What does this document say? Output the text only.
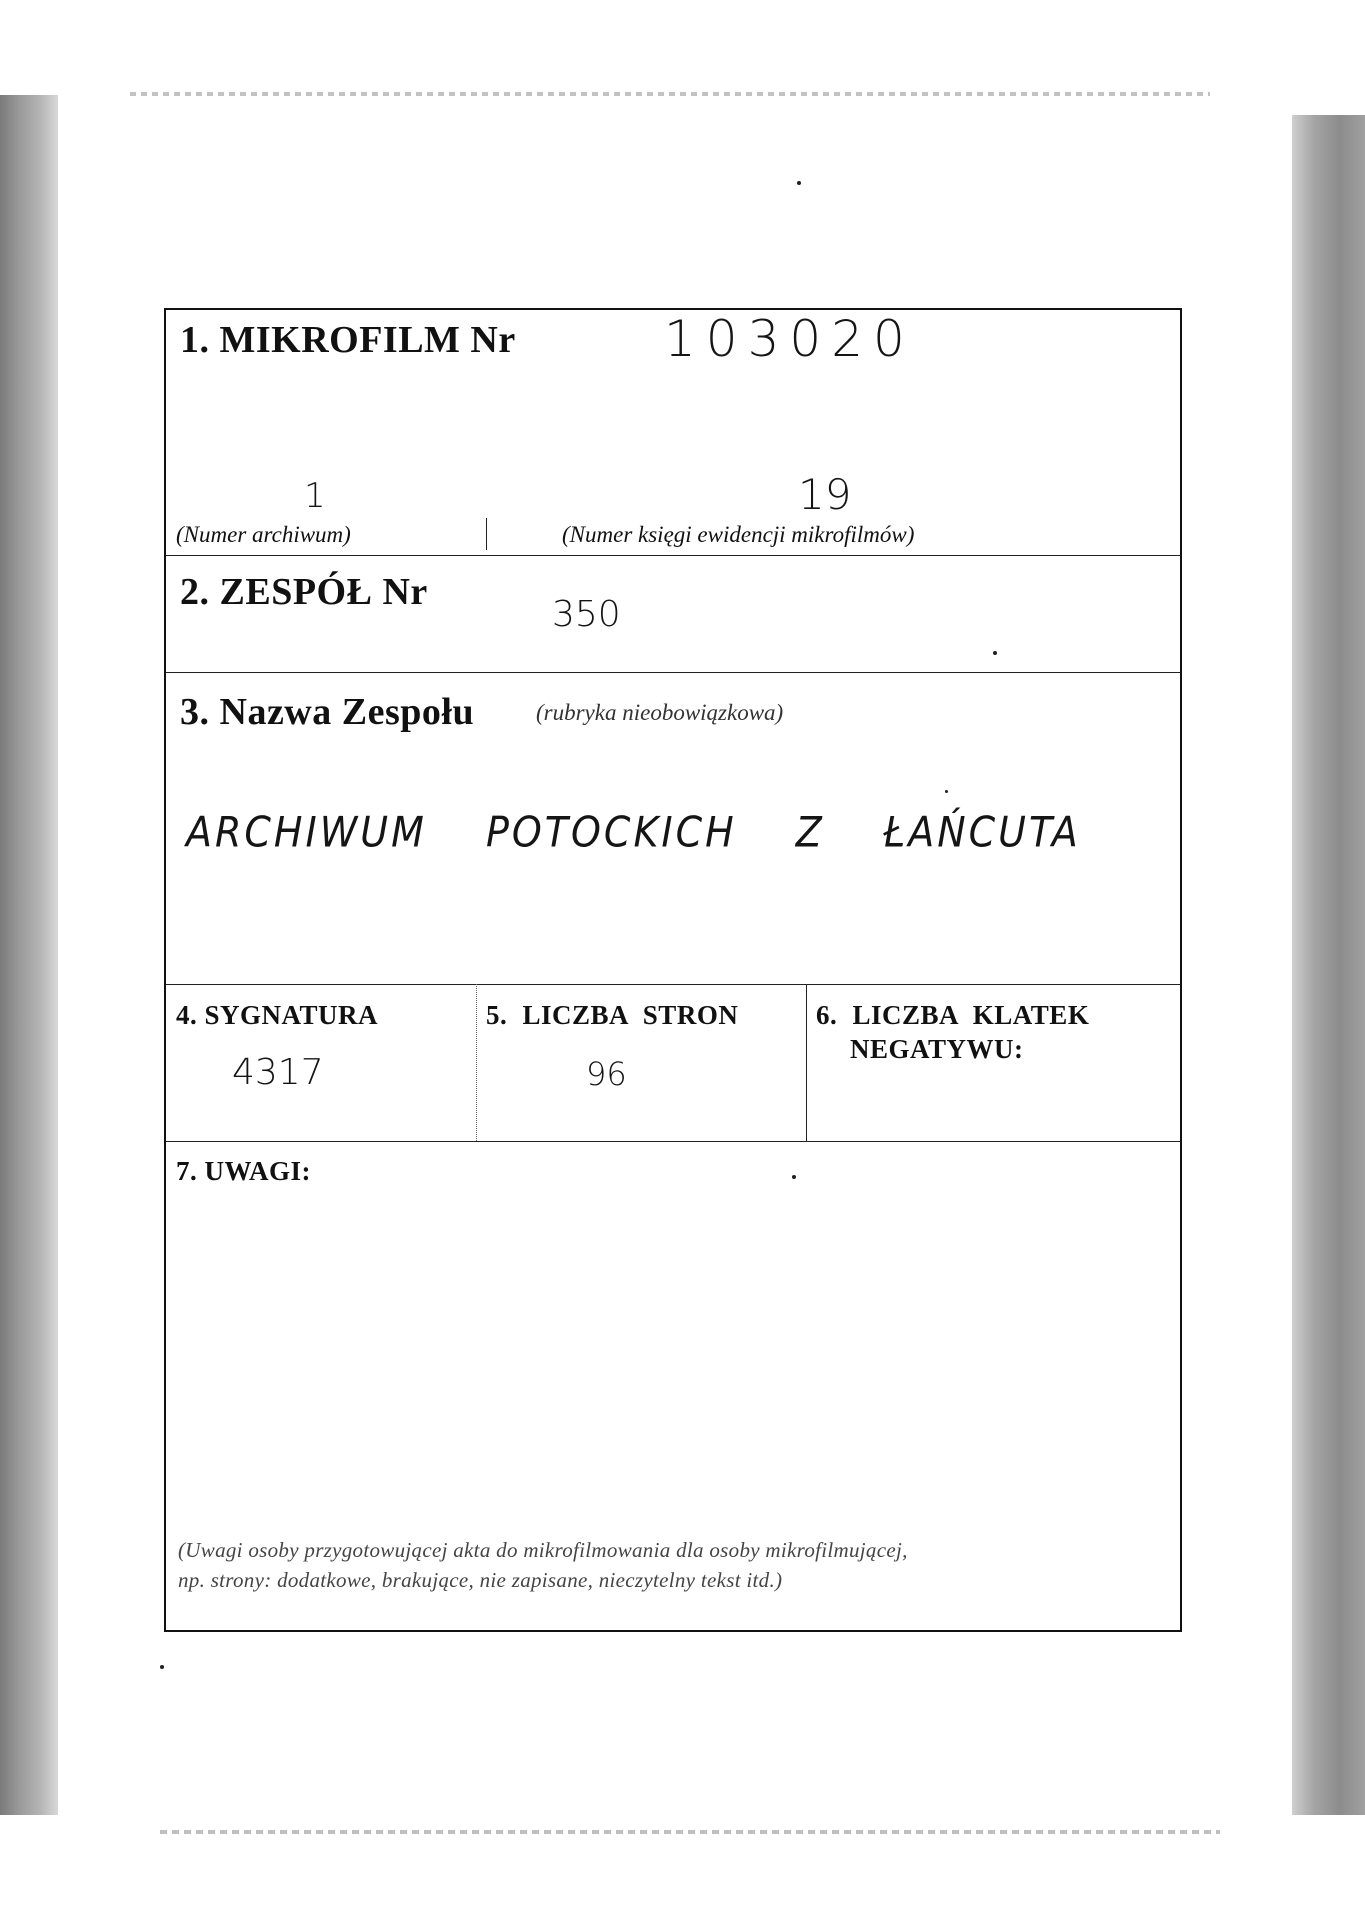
1. MIKROFILM Nr	103020
1	19
(Numer archiwum)	(Numer księgi ewidencji mikrofilmów)
2. ZESPÓŁ Nr
350
3. Nazwa Zespołu	(rubryka nieobowiązkowa)
ARCHIWUM POTOCKICH Z ŁAŃCUTA
4. SYGNATURA
4317
5. LICZBA STRON
96
6. LICZBA KLATEK
NEGATYWU:
7. UWAGI:
(Uwagi osoby przygotowującej akta do mikrofilmowania dla osoby mikrofilmującej,
np. strony: dodatkowe, brakujące, nie zapisane, nieczytelny tekst itd.)
